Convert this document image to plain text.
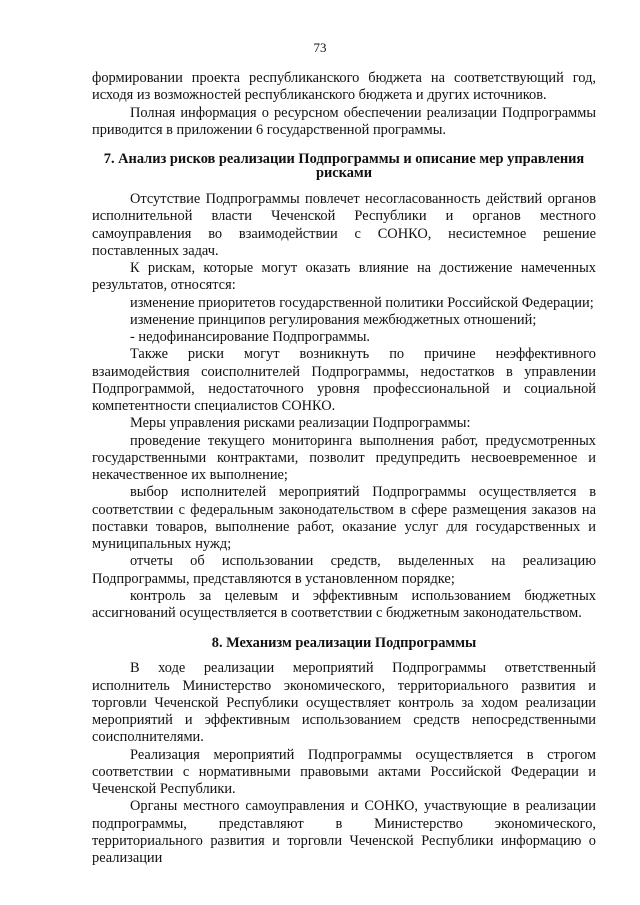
73

формировании проекта республиканского бюджета на соответствующий год, исходя из возможностей республиканского бюджета и других источников.

Полная информация о ресурсном обеспечении реализации Подпрограммы приводится в приложении 6 государственной программы.

7. Анализ рисков реализации Подпрограммы и описание мер управления рисками

Отсутствие Подпрограммы повлечет несогласованность действий органов исполнительной власти Чеченской Республики и органов местного самоуправления во взаимодействии с СОНКО, несистемное решение поставленных задач.

К рискам, которые могут оказать влияние на достижение намеченных результатов, относятся:

изменение приоритетов государственной политики Российской Федерации;

изменение принципов регулирования межбюджетных отношений;

- недофинансирование Подпрограммы.

Также риски могут возникнуть по причине неэффективного взаимодействия соисполнителей Подпрограммы, недостатков в управлении Подпрограммой, недостаточного уровня профессиональной и социальной компетентности специалистов СОНКО.

Меры управления рисками реализации Подпрограммы:

проведение текущего мониторинга выполнения работ, предусмотренных государственными контрактами, позволит предупредить несвоевременное и некачественное их выполнение;

выбор исполнителей мероприятий Подпрограммы осуществляется в соответствии с федеральным законодательством в сфере размещения заказов на поставки товаров, выполнение работ, оказание услуг для государственных и муниципальных нужд;

отчеты об использовании средств, выделенных на реализацию Подпрограммы, представляются в установленном порядке;

контроль за целевым и эффективным использованием бюджетных ассигнований осуществляется в соответствии с бюджетным законодательством.

8. Механизм реализации Подпрограммы

В ходе реализации мероприятий Подпрограммы ответственный исполнитель Министерство экономического, территориального развития и торговли Чеченской Республики осуществляет контроль за ходом реализации мероприятий и эффективным использованием средств непосредственными соисполнителями.

Реализация мероприятий Подпрограммы осуществляется в строгом соответствии с нормативными правовыми актами Российской Федерации и Чеченской Республики.

Органы местного самоуправления и СОНКО, участвующие в реализации подпрограммы, представляют в Министерство экономического, территориального развития и торговли Чеченской Республики информацию о реализации
